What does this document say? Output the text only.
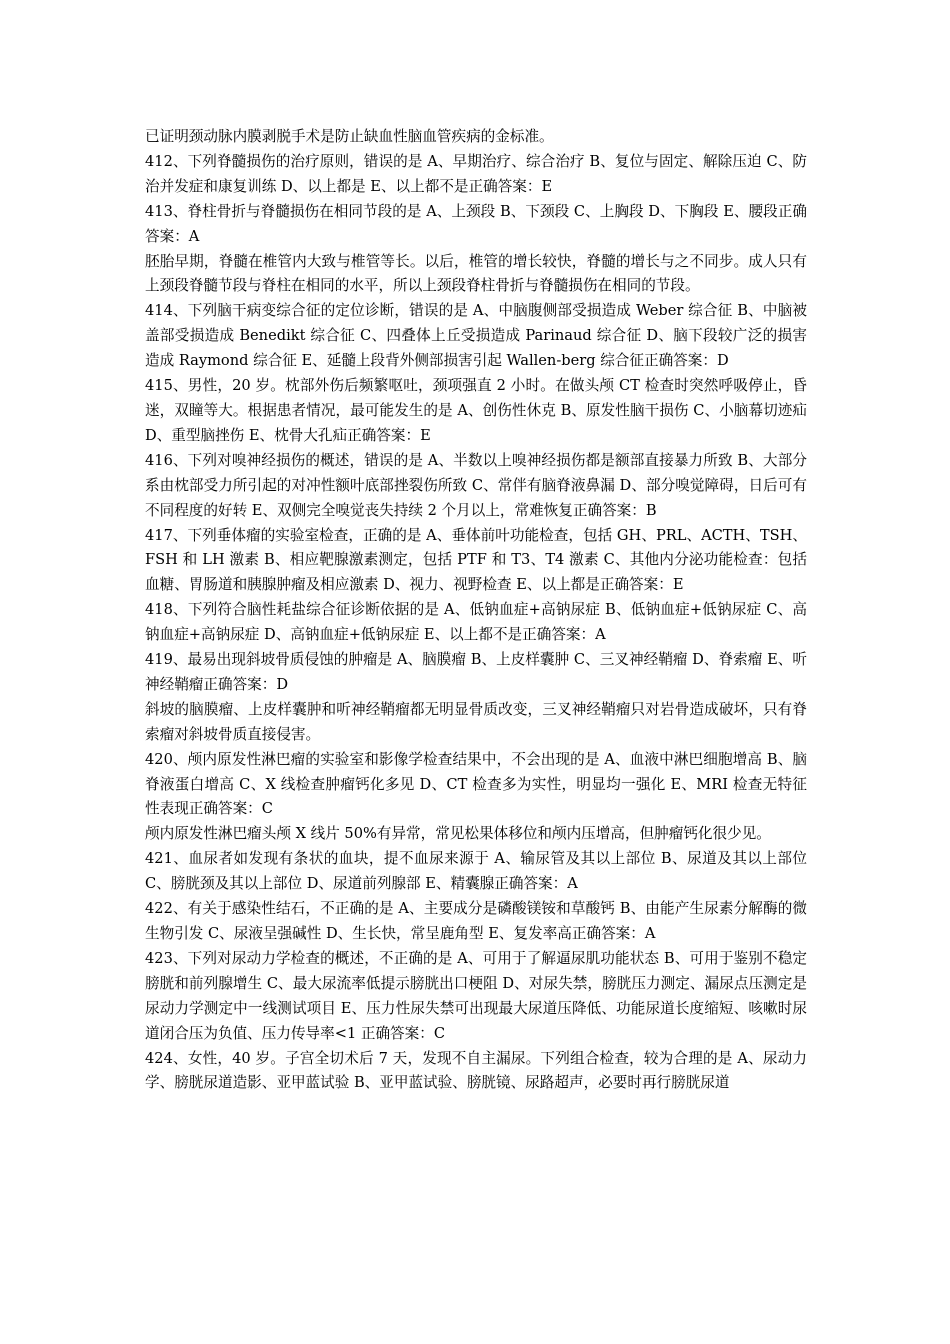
已证明颈动脉内膜剥脱手术是防止缺血性脑血管疾病的金标准。

412、下列脊髓损伤的治疗原则，错误的是 A、早期治疗、综合治疗 B、复位与固定、解除压迫 C、防治并发症和康复训练 D、以上都是 E、以上都不是正确答案：E

413、脊柱骨折与脊髓损伤在相同节段的是 A、上颈段 B、下颈段 C、上胸段 D、下胸段 E、腰段正确答案：A

胚胎早期，脊髓在椎管内大致与椎管等长。以后，椎管的增长较快，脊髓的增长与之不同步。成人只有上颈段脊髓节段与脊柱在相同的水平，所以上颈段脊柱骨折与脊髓损伤在相同的节段。

414、下列脑干病变综合征的定位诊断，错误的是 A、中脑腹侧部受损造成 Weber 综合征 B、中脑被盖部受损造成 Benedikt 综合征 C、四叠体上丘受损造成 Parinaud 综合征 D、脑下段较广泛的损害造成 Raymond 综合征 E、延髓上段背外侧部损害引起 Wallen-berg 综合征正确答案：D

415、男性，20 岁。枕部外伤后频繁呕吐，颈项强直 2 小时。在做头颅 CT 检查时突然呼吸停止，昏迷，双瞳等大。根据患者情况，最可能发生的是 A、创伤性休克 B、原发性脑干损伤 C、小脑幕切迹疝 D、重型脑挫伤 E、枕骨大孔疝正确答案：E

416、下列对嗅神经损伤的概述，错误的是 A、半数以上嗅神经损伤都是额部直接暴力所致 B、大部分系由枕部受力所引起的对冲性额叶底部挫裂伤所致 C、常伴有脑脊液鼻漏 D、部分嗅觉障碍，日后可有不同程度的好转 E、双侧完全嗅觉丧失持续 2 个月以上，常难恢复正确答案：B

417、下列垂体瘤的实验室检查，正确的是 A、垂体前叶功能检查，包括 GH、PRL、ACTH、TSH、FSH 和 LH 激素 B、相应靶腺激素测定，包括 PTF 和 T3、T4 激素 C、其他内分泌功能检查：包括血糖、胃肠道和胰腺肿瘤及相应激素 D、视力、视野检查 E、以上都是正确答案：E

418、下列符合脑性耗盐综合征诊断依据的是 A、低钠血症+高钠尿症 B、低钠血症+低钠尿症 C、高钠血症+高钠尿症 D、高钠血症+低钠尿症 E、以上都不是正确答案：A

419、最易出现斜坡骨质侵蚀的肿瘤是 A、脑膜瘤 B、上皮样囊肿 C、三叉神经鞘瘤 D、脊索瘤 E、听神经鞘瘤正确答案：D

斜坡的脑膜瘤、上皮样囊肿和听神经鞘瘤都无明显骨质改变，三叉神经鞘瘤只对岩骨造成破坏，只有脊索瘤对斜坡骨质直接侵害。

420、颅内原发性淋巴瘤的实验室和影像学检查结果中，不会出现的是 A、血液中淋巴细胞增高 B、脑脊液蛋白增高 C、X 线检查肿瘤钙化多见 D、CT 检查多为实性，明显均一强化 E、MRI 检查无特征性表现正确答案：C

颅内原发性淋巴瘤头颅 X 线片 50%有异常，常见松果体移位和颅内压增高，但肿瘤钙化很少见。

421、血尿者如发现有条状的血块，提不血尿来源于 A、输尿管及其以上部位 B、尿道及其以上部位 C、膀胱颈及其以上部位 D、尿道前列腺部 E、精囊腺正确答案：A

422、有关于感染性结石，不正确的是 A、主要成分是磷酸镁铵和草酸钙 B、由能产生尿素分解酶的微生物引发 C、尿液呈强碱性 D、生长快，常呈鹿角型 E、复发率高正确答案：A

423、下列对尿动力学检查的概述，不正确的是 A、可用于了解逼尿肌功能状态 B、可用于鉴别不稳定膀胱和前列腺增生 C、最大尿流率低提示膀胱出口梗阻 D、对尿失禁，膀胱压力测定、漏尿点压测定是尿动力学测定中一线测试项目 E、压力性尿失禁可出现最大尿道压降低、功能尿道长度缩短、咳嗽时尿道闭合压为负值、压力传导率<1 正确答案：C

424、女性，40 岁。子宫全切术后 7 天，发现不自主漏尿。下列组合检查，较为合理的是 A、尿动力学、膀胱尿道造影、亚甲蓝试验 B、亚甲蓝试验、膀胱镜、尿路超声，必要时再行膀胱尿道
